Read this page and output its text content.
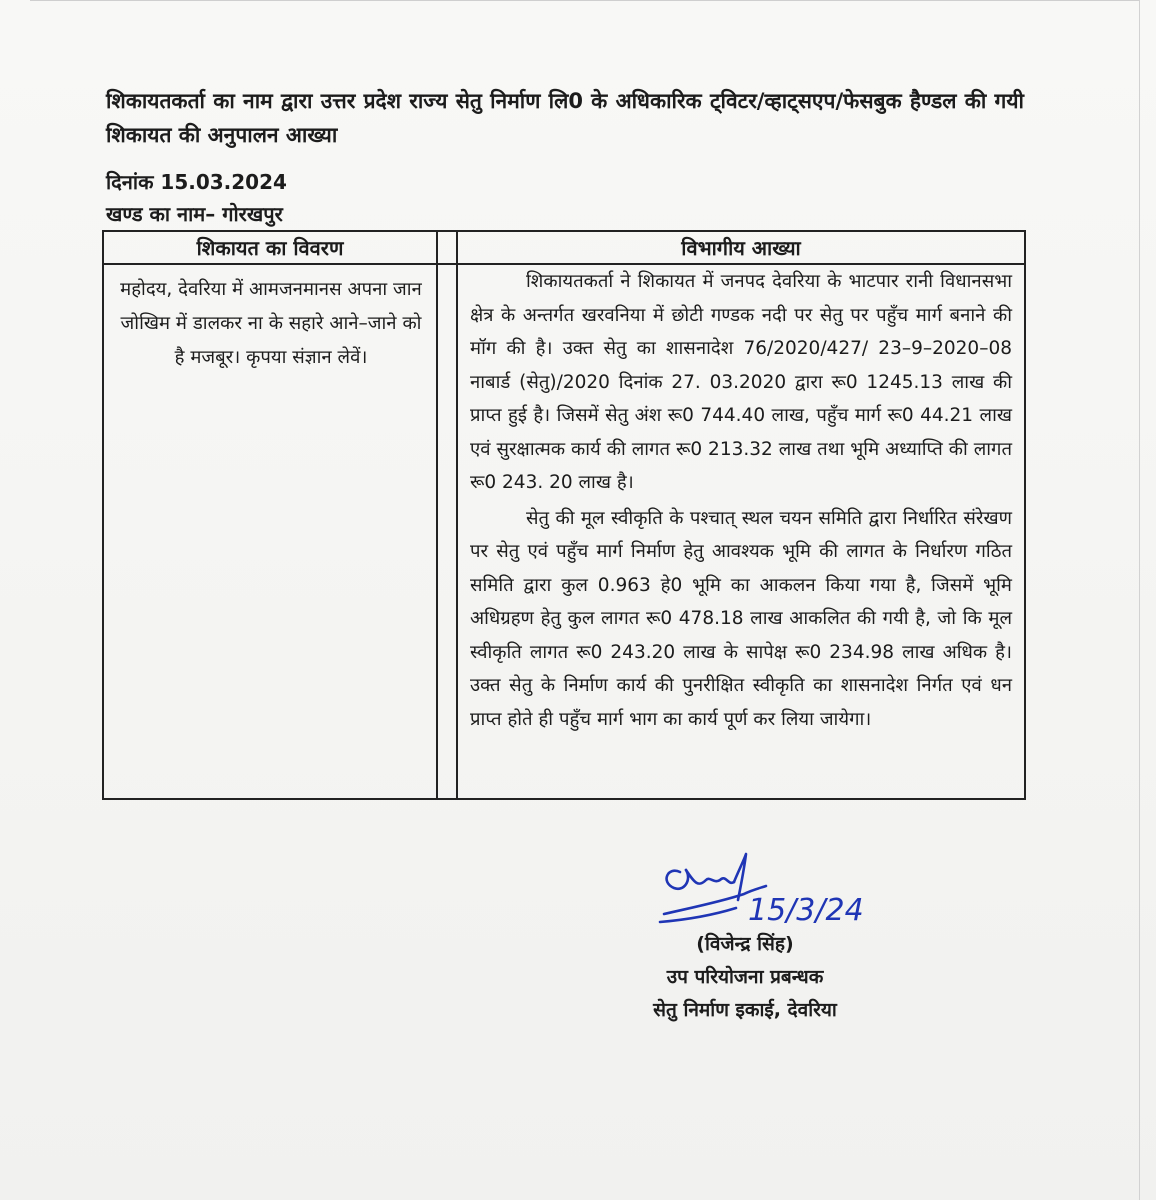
शिकायतकर्ता का नाम द्वारा उत्तर प्रदेश राज्य सेतु निर्माण लि0 के अधिकारिक ट्विटर/व्हाट्सएप/फेसबुक हैण्डल की गयी शिकायत की अनुपालन आख्या
दिनांक 15.03.2024
खण्ड का नाम– गोरखपुर
शिकायत का विवरण		विभागीय आख्या
महोदय, देवरिया में आमजनमानस अपना जान जोखिम में डालकर ना के सहारे आने–जाने को है मजबूर। कृपया संज्ञान लेवें।		शिकायतकर्ता ने शिकायत में जनपद देवरिया के भाटपार रानी विधानसभा क्षेत्र के अन्तर्गत खरवनिया में छोटी गण्डक नदी पर सेतु पर पहुँच मार्ग बनाने की मॉग की है। उक्त सेतु का शासनादेश 76/2020/427/ 23–9–2020–08 नाबार्ड (सेतु)/2020 दिनांक 27. 03.2020 द्वारा रू0 1245.13 लाख की प्राप्त हुई है। जिसमें सेतु अंश रू0 744.40 लाख, पहुँच मार्ग रू0 44.21 लाख एवं सुरक्षात्मक कार्य की लागत रू0 213.32 लाख तथा भूमि अध्याप्ति की लागत रू0 243. 20 लाख है।

सेतु की मूल स्वीकृति के पश्चात् स्थल चयन समिति द्वारा निर्धारित संरेखण पर सेतु एवं पहुँच मार्ग निर्माण हेतु आवश्यक भूमि की लागत के निर्धारण गठित समिति द्वारा कुल 0.963 हे0 भूमि का आकलन किया गया है, जिसमें भूमि अधिग्रहण हेतु कुल लागत रू0 478.18 लाख आकलित की गयी है, जो कि मूल स्वीकृति लागत रू0 243.20 लाख के सापेक्ष रू0 234.98 लाख अधिक है। उक्त सेतु के निर्माण कार्य की पुनरीक्षित स्वीकृति का शासनादेश निर्गत एवं धन प्राप्त होते ही पहुँच मार्ग भाग का कार्य पूर्ण कर लिया जायेगा।

15/3/24
(विजेन्द्र सिंह)
उप परियोजना प्रबन्धक
सेतु निर्माण इकाई, देवरिया
